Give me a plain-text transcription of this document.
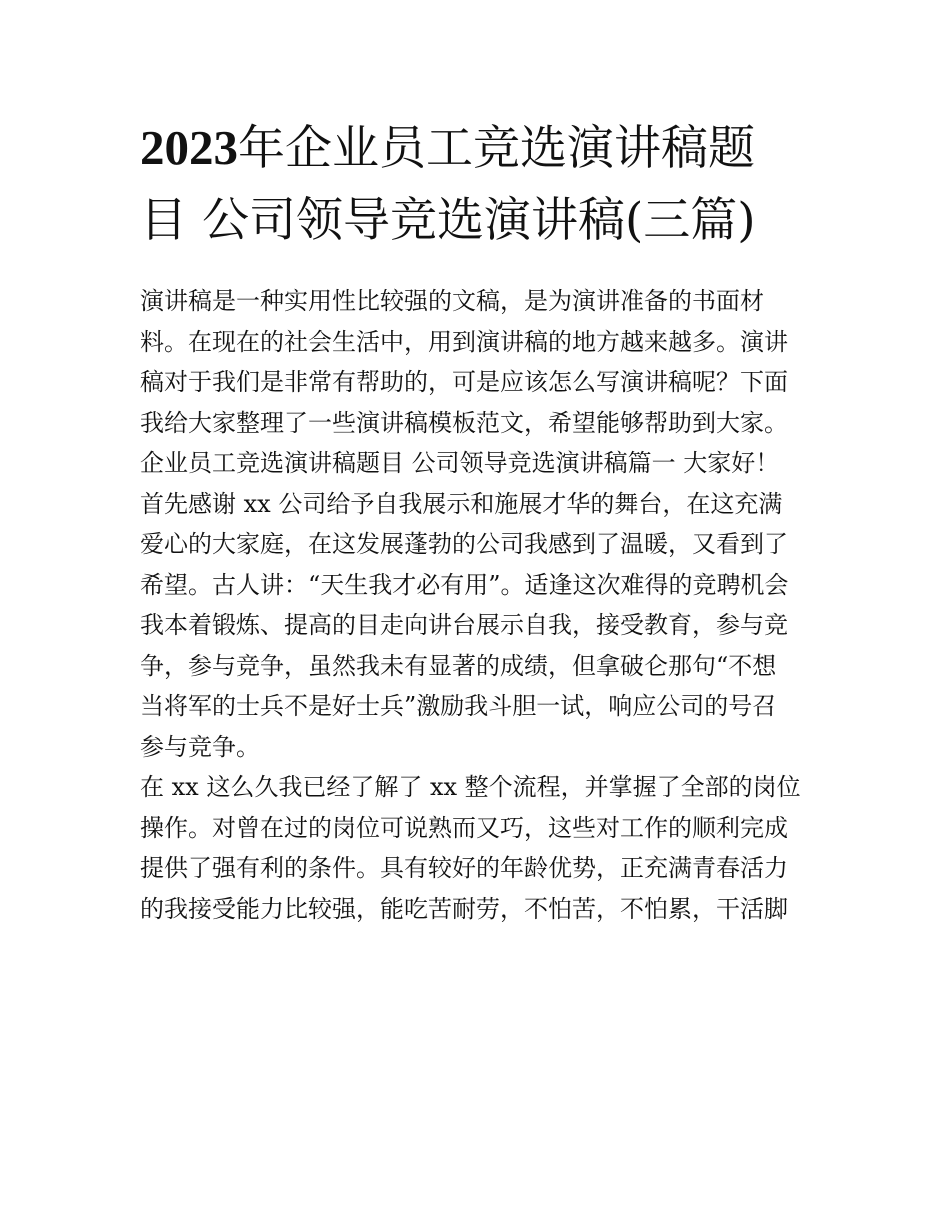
2023年企业员工竞选演讲稿题
目 公司领导竞选演讲稿(三篇)
演讲稿是一种实用性比较强的文稿，是为演讲准备的书面材
料。在现在的社会生活中，用到演讲稿的地方越来越多。演讲
稿对于我们是非常有帮助的，可是应该怎么写演讲稿呢？下面
我给大家整理了一些演讲稿模板范文，希望能够帮助到大家。
企业员工竞选演讲稿题目 公司领导竞选演讲稿篇一 大家好！
首先感谢 xx 公司给予自我展示和施展才华的舞台，在这充满
爱心的大家庭，在这发展蓬勃的公司我感到了温暖，又看到了
希望。古人讲：“天生我才必有用”。适逢这次难得的竞聘机会
我本着锻炼、提高的目走向讲台展示自我，接受教育，参与竞
争，参与竞争，虽然我未有显著的成绩，但拿破仑那句“不想
当将军的士兵不是好士兵”激励我斗胆一试，响应公司的号召
参与竞争。
在 xx 这么久我已经了解了 xx 整个流程，并掌握了全部的岗位
操作。对曾在过的岗位可说熟而又巧，这些对工作的顺利完成
提供了强有利的条件。具有较好的年龄优势，正充满青春活力
的我接受能力比较强，能吃苦耐劳，不怕苦，不怕累，干活脚
